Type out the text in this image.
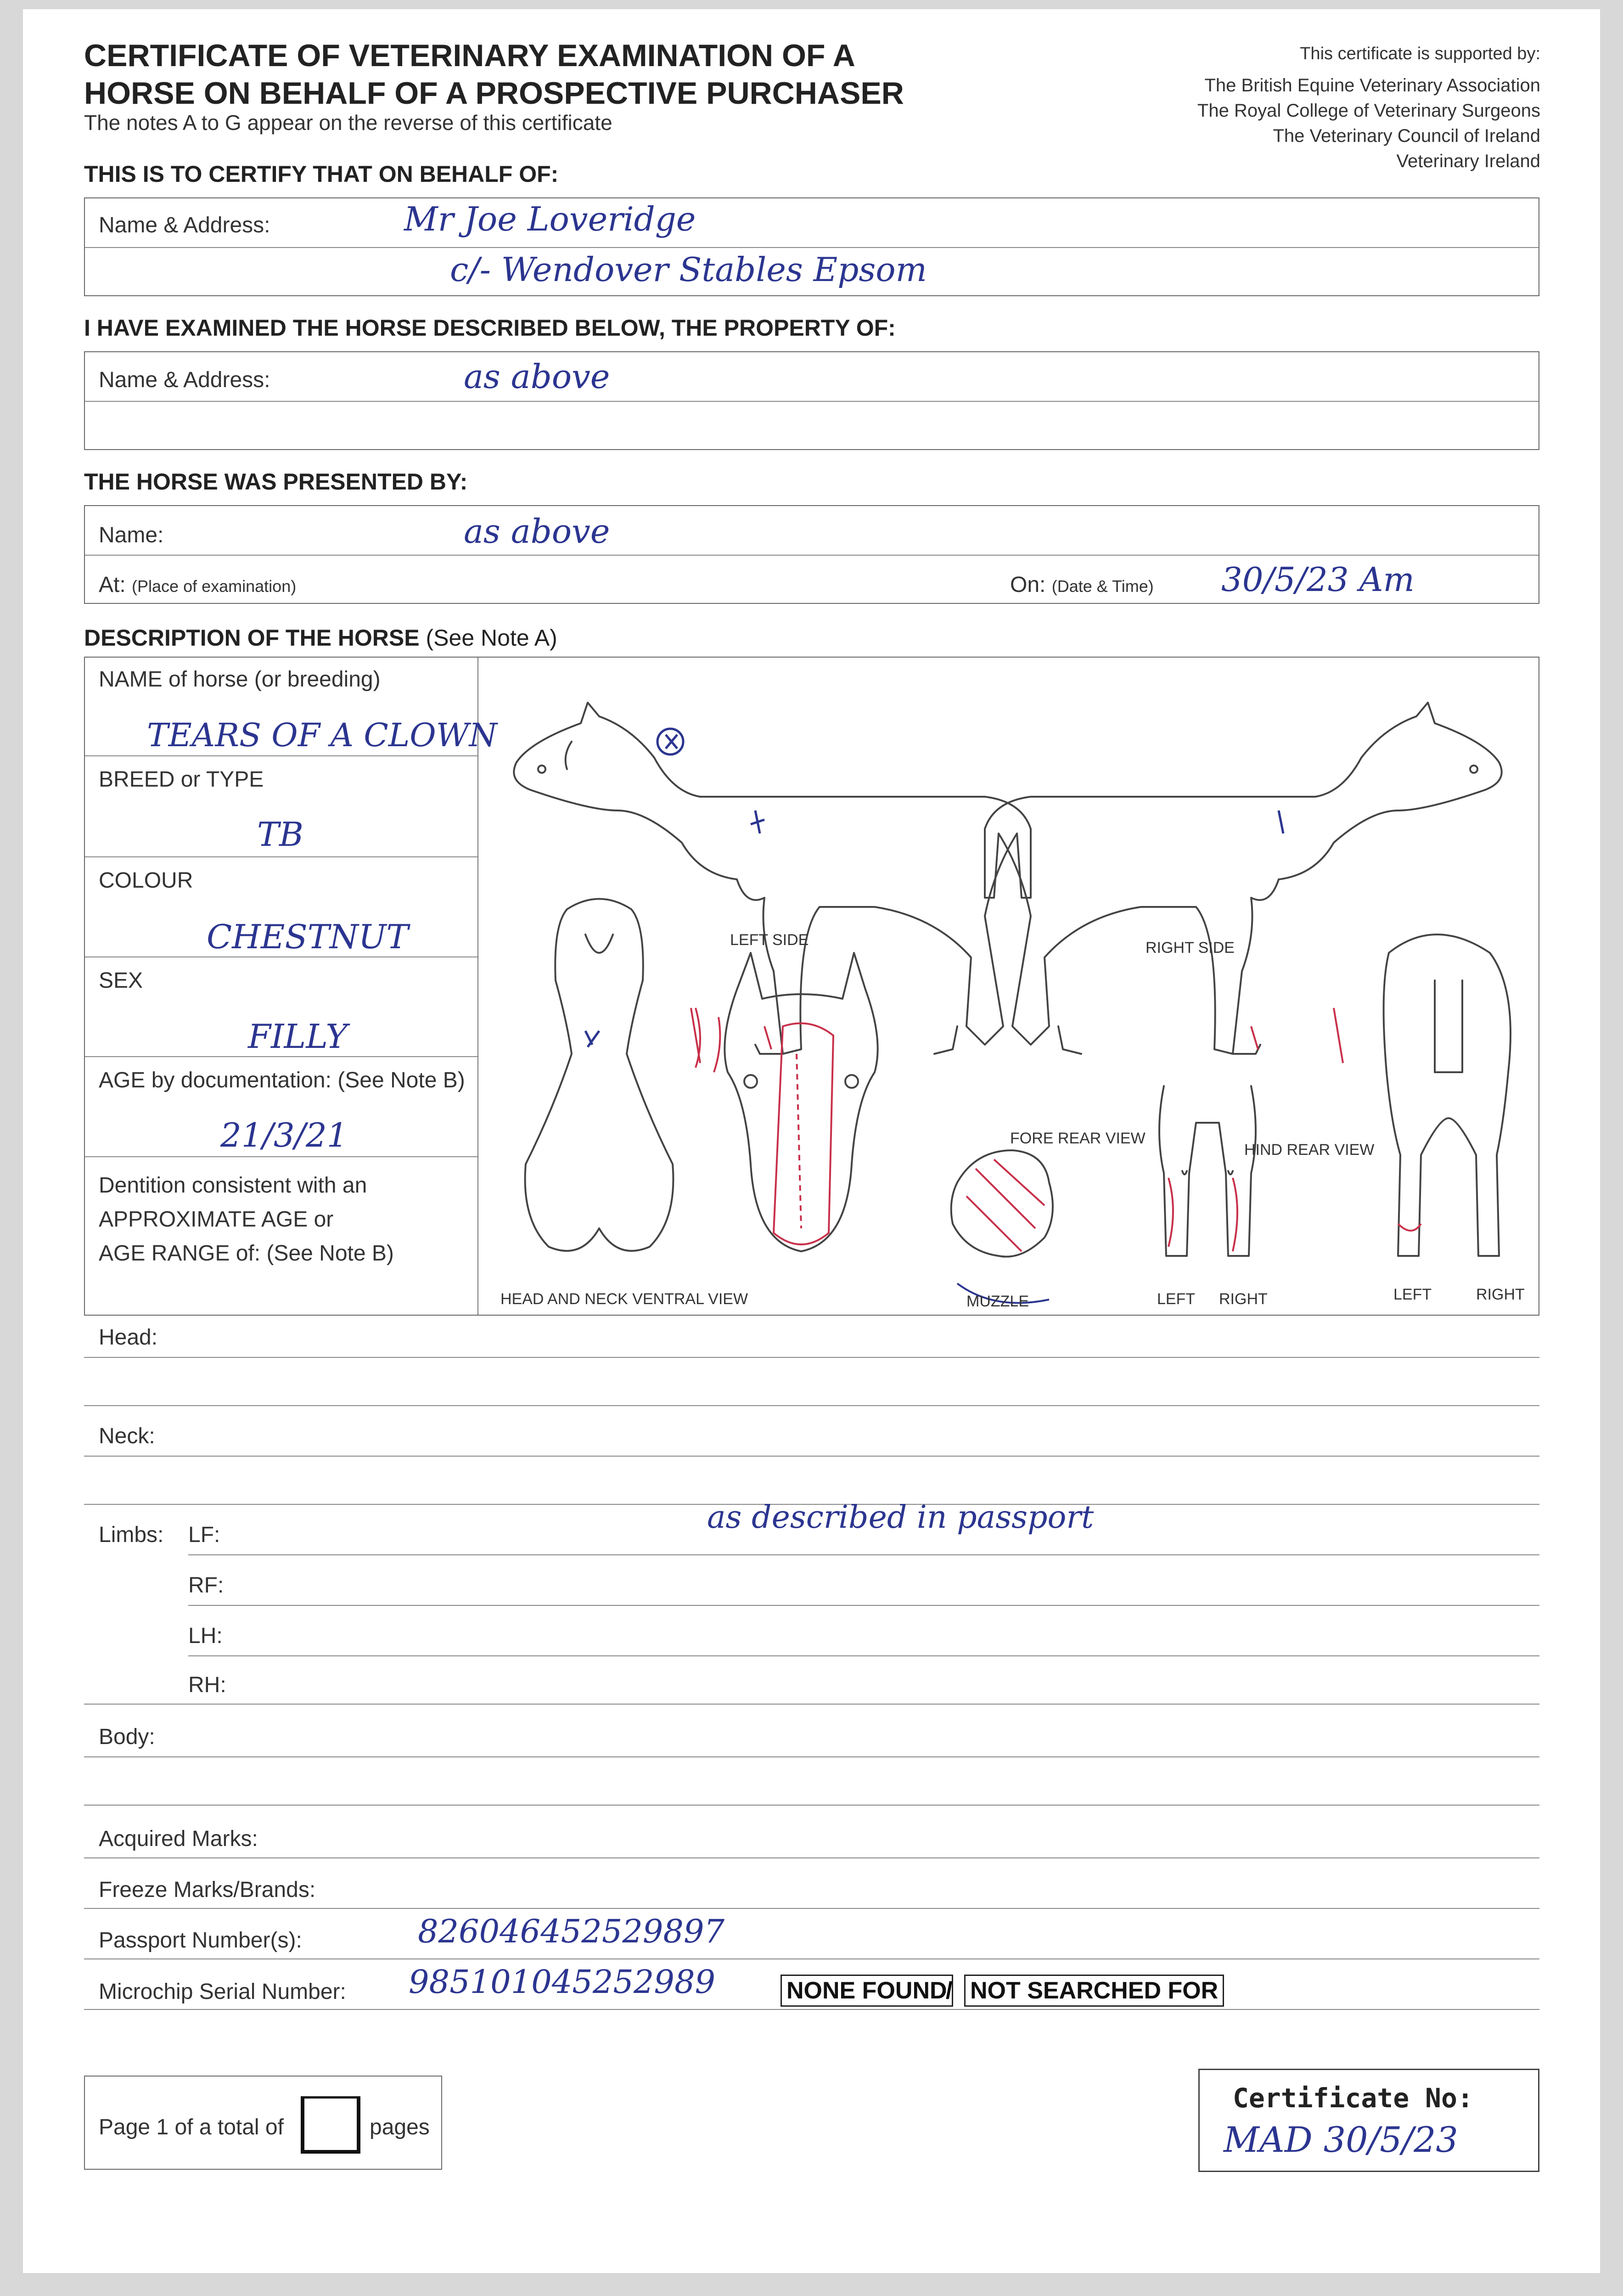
CERTIFICATE OF VETERINARY EXAMINATION OF A
HORSE ON BEHALF OF A PROSPECTIVE PURCHASER
The notes A to G appear on the reverse of this certificate
This certificate is supported by:
The British Equine Veterinary Association
The Royal College of Veterinary Surgeons
The Veterinary Council of Ireland
Veterinary Ireland
THIS IS TO CERTIFY THAT ON BEHALF OF:
Name & Address:	Mr Joe Loveridge
c/- Wendover Stables Epsom
I HAVE EXAMINED THE HORSE DESCRIBED BELOW, THE PROPERTY OF:
Name & Address:	as above
THE HORSE WAS PRESENTED BY:
Name:	as above
At: (Place of examination)	On: (Date & Time) 30/5/23 Am
DESCRIPTION OF THE HORSE (See Note A)
NAME of horse (or breeding)
TEARS OF A CLOWN
BREED or TYPE
TB
COLOUR
CHESTNUT
SEX
FILLY
AGE by documentation: (See Note B)
21/3/21
Dentition consistent with an
APPROXIMATE AGE or
AGE RANGE of: (See Note B)
LEFT SIDE	RIGHT SIDE
FORE REAR VIEW
HIND REAR VIEW
HEAD AND NECK VENTRAL VIEW	MUZZLE	LEFT RIGHT	LEFT	RIGHT
Head:
Neck:
Limbs: LF:	as described in passport
RF:
LH:
RH:
Body:
Acquired Marks:
Freeze Marks/Brands:
Passport Number(s):	826046452529897
Microchip Serial Number: 985101045252989	NONE FOUND
/ NOT SEARCHED FOR
Page 1 of a total of	pages
Certificate No:
MAD 30/5/23
